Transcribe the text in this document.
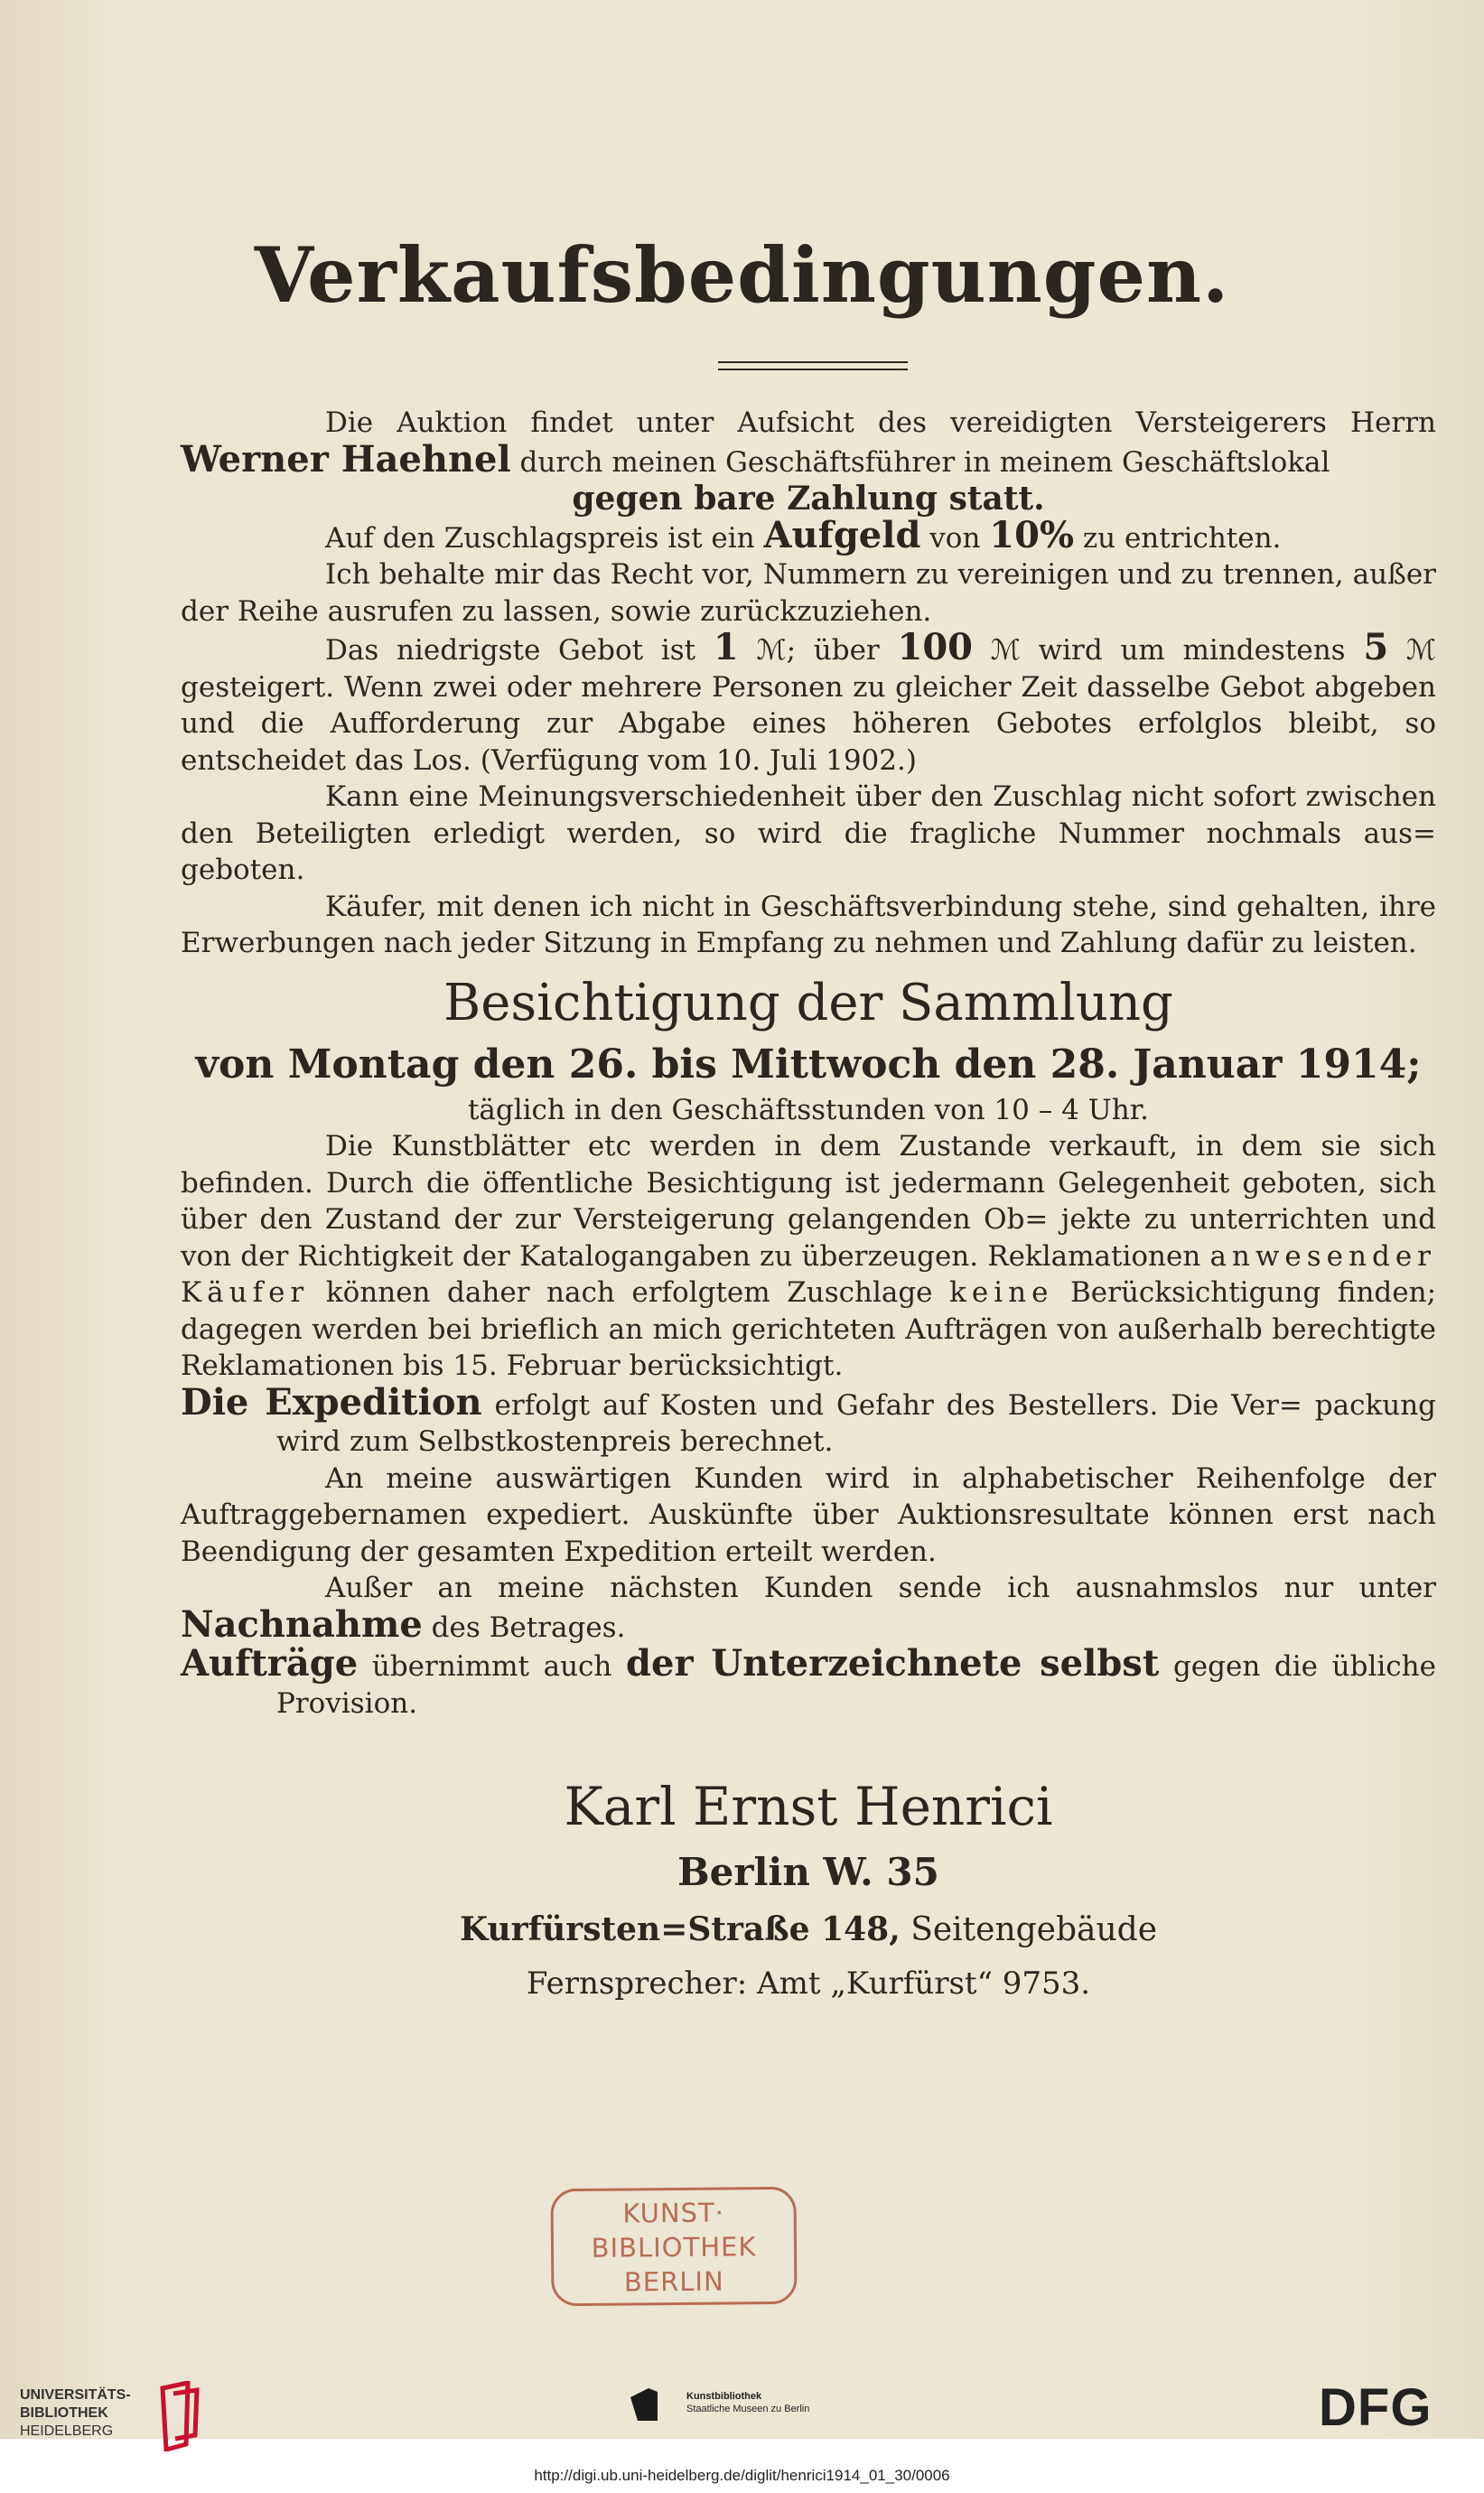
Verkaufsbedingungen.

Die Auktion findet unter Aufsicht des vereidigten Versteigerers Herrn Werner Haehnel durch meinen Geschäftsführer in meinem Geschäftslokal

gegen bare Zahlung statt.

Auf den Zuschlagspreis ist ein Aufgeld von 10% zu entrichten.

Ich behalte mir das Recht vor, Nummern zu vereinigen und zu trennen, außer der Reihe ausrufen zu lassen, sowie zurückzuziehen.

Das niedrigste Gebot ist 1 ℳ; über 100 ℳ wird um mindestens 5 ℳ gesteigert. Wenn zwei oder mehrere Personen zu gleicher Zeit dasselbe Gebot abgeben und die Aufforderung zur Abgabe eines höheren Gebotes erfolglos bleibt, so entscheidet das Los. (Verfügung vom 10. Juli 1902.)

Kann eine Meinungsverschiedenheit über den Zuschlag nicht sofort zwischen den Beteiligten erledigt werden, so wird die fragliche Nummer nochmals aus= geboten.

Käufer, mit denen ich nicht in Geschäftsverbindung stehe, sind gehalten, ihre Erwerbungen nach jeder Sitzung in Empfang zu nehmen und Zahlung dafür zu leisten.

Besichtigung der Sammlung

von Montag den 26. bis Mittwoch den 28. Januar 1914;

täglich in den Geschäftsstunden von 10 – 4 Uhr.

Die Kunstblätter etc werden in dem Zustande verkauft, in dem sie sich befinden. Durch die öffentliche Besichtigung ist jedermann Gelegenheit geboten, sich über den Zustand der zur Versteigerung gelangenden Ob= jekte zu unterrichten und von der Richtigkeit der Katalogangaben zu überzeugen. Reklamationen anwesender Käufer können daher nach erfolgtem Zuschlage keine Berücksichtigung finden; dagegen werden bei brieflich an mich gerichteten Aufträgen von außerhalb berechtigte Reklamationen bis 15. Februar berücksichtigt.

Die Expedition erfolgt auf Kosten und Gefahr des Bestellers. Die Ver= packung wird zum Selbstkostenpreis berechnet.

An meine auswärtigen Kunden wird in alphabetischer Reihenfolge der Auftraggebernamen expediert. Auskünfte über Auktionsresultate können erst nach Beendigung der gesamten Expedition erteilt werden.

Außer an meine nächsten Kunden sende ich ausnahmslos nur unter Nachnahme des Betrages.

Aufträge übernimmt auch der Unterzeichnete selbst gegen die übliche Provision.

Karl Ernst Henrici
Berlin W. 35
Kurfürsten=Straße 148, Seitengebäude
Fernsprecher: Amt „Kurfürst“ 9753.
KUNST·
BIBLIOTHEK
BERLIN
UNIVERSITÄTS-
BIBLIOTHEK
HEIDELBERG
Kunstbibliothek
Staatliche Museen zu Berlin	DFG
http://digi.ub.uni-heidelberg.de/diglit/henrici1914_01_30/0006
